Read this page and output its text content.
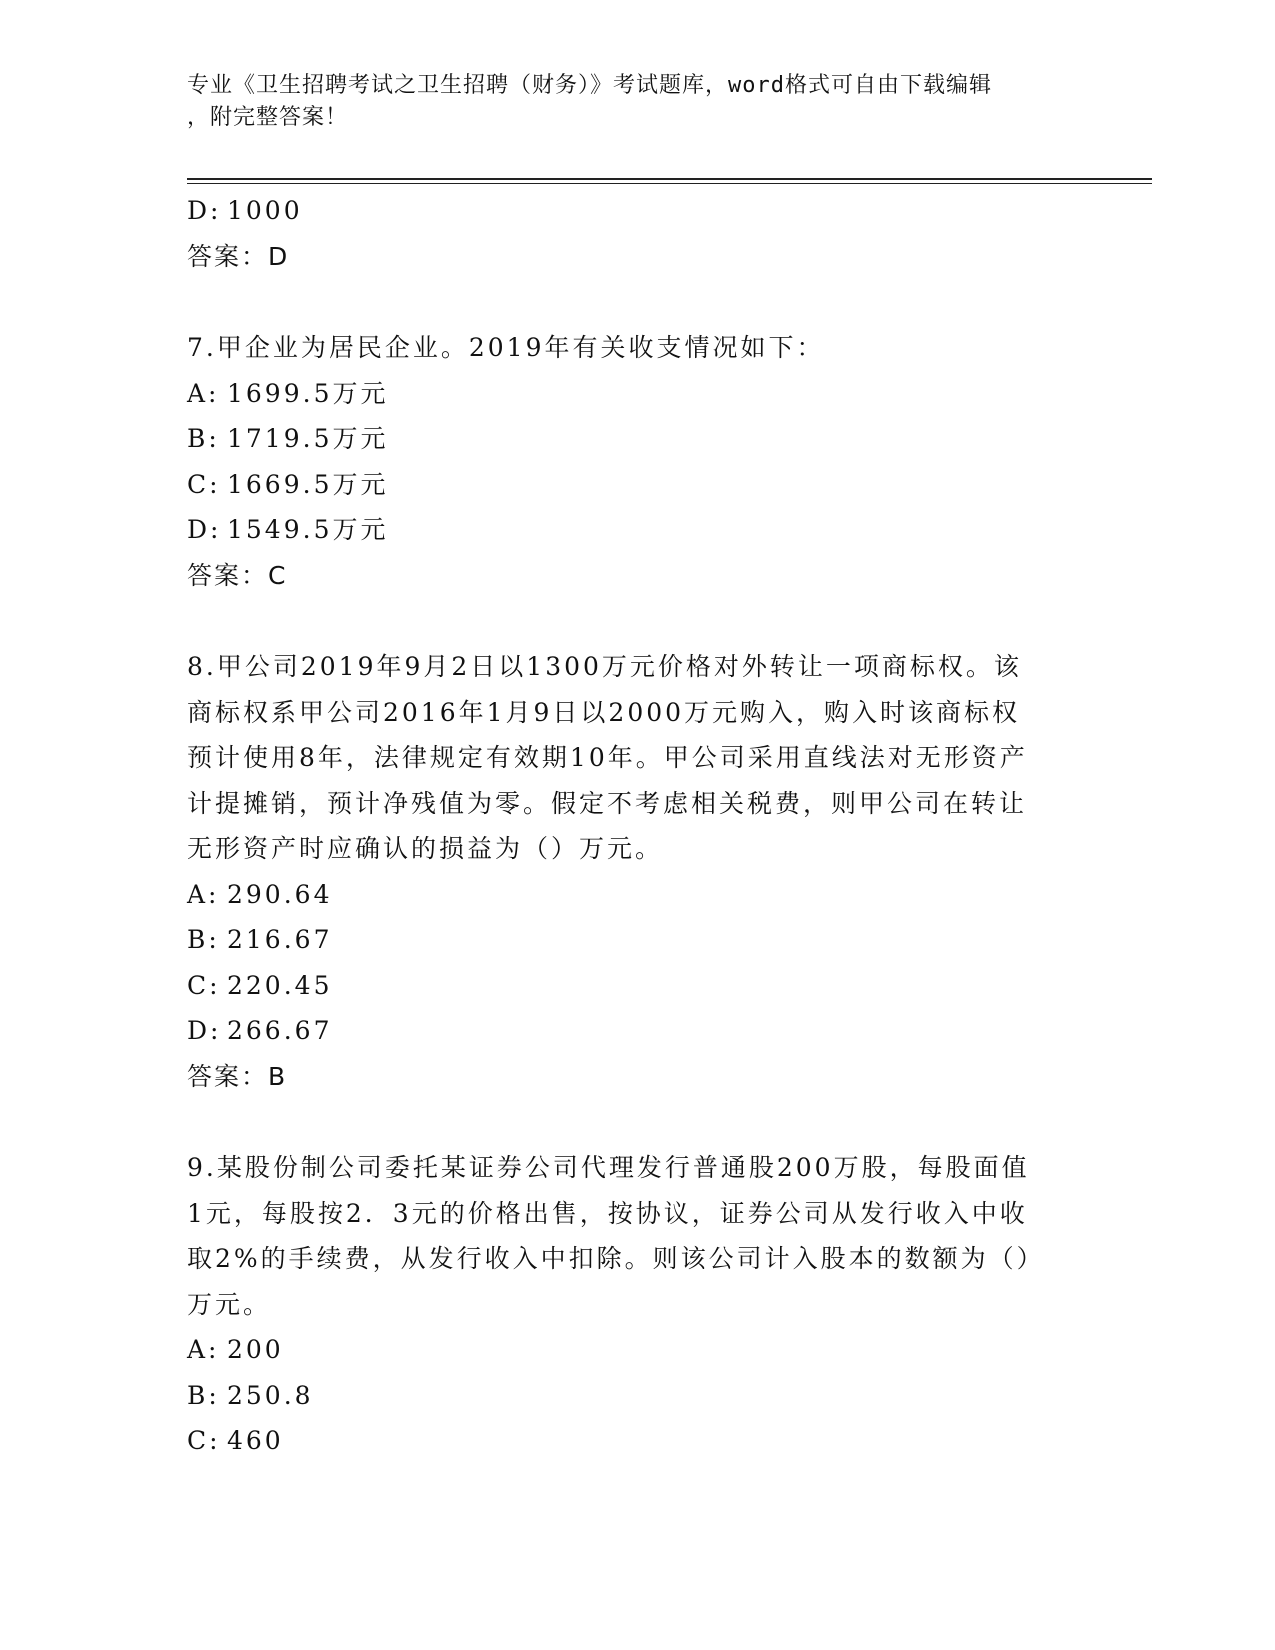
专业《卫生招聘考试之卫生招聘（财务）》考试题库，word格式可自由下载编辑
，附完整答案！
D: 1000
答案：D
7.甲企业为居民企业。2019年有关收支情况如下：
A: 1699.5万元
B: 1719.5万元
C: 1669.5万元
D: 1549.5万元
答案：C
8.甲公司2019年9月2日以1300万元价格对外转让一项商标权。该
商标权系甲公司2016年1月9日以2000万元购入，购入时该商标权
预计使用8年，法律规定有效期10年。甲公司采用直线法对无形资产
计提摊销，预计净残值为零。假定不考虑相关税费，则甲公司在转让
无形资产时应确认的损益为（）万元。
A: 290.64
B: 216.67
C: 220.45
D: 266.67
答案：B
9.某股份制公司委托某证券公司代理发行普通股200万股，每股面值
1元，每股按2．3元的价格出售，按协议，证券公司从发行收入中收
取2%的手续费，从发行收入中扣除。则该公司计入股本的数额为（）
万元。
A: 200
B: 250.8
C: 460
